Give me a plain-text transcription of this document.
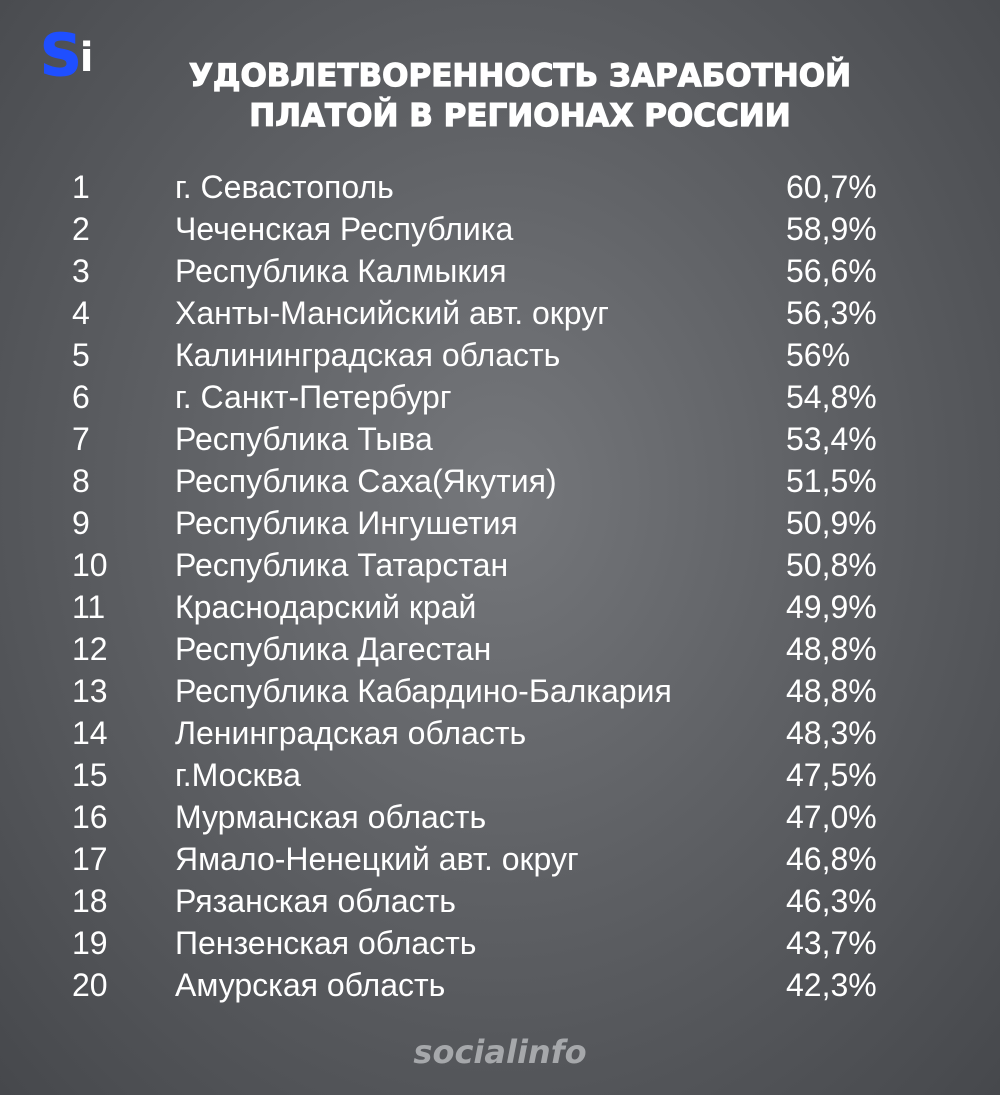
S
i	УДОВЛЕТВОРЕННОСТЬ ЗАРАБОТНОЙ
ПЛАТОЙ В РЕГИОНАХ РОССИИ
1	г. Севастополь	60,7%
2	Чеченская Республика	58,9%
3	Республика Калмыкия	56,6%
4	Ханты-Мансийский авт. округ	56,3%
5	Калининградская область	56%
6	г. Санкт-Петербург	54,8%
7	Республика Тыва	53,4%
8	Республика Саха(Якутия)	51,5%
9	Республика Ингушетия	50,9%
10 Республика Татарстан	50,8%
11 Краснодарский край	49,9%
12 Республика Дагестан	48,8%
13 Республика Кабардино-Балкария	48,8%
14 Ленинградская область	48,3%
15 г.Москва	47,5%
16 Мурманская область	47,0%
17 Ямало-Ненецкий авт. округ	46,8%
18 Рязанская область	46,3%
19 Пензенская область	43,7%
20 Амурская область	42,3%
socialinfo
